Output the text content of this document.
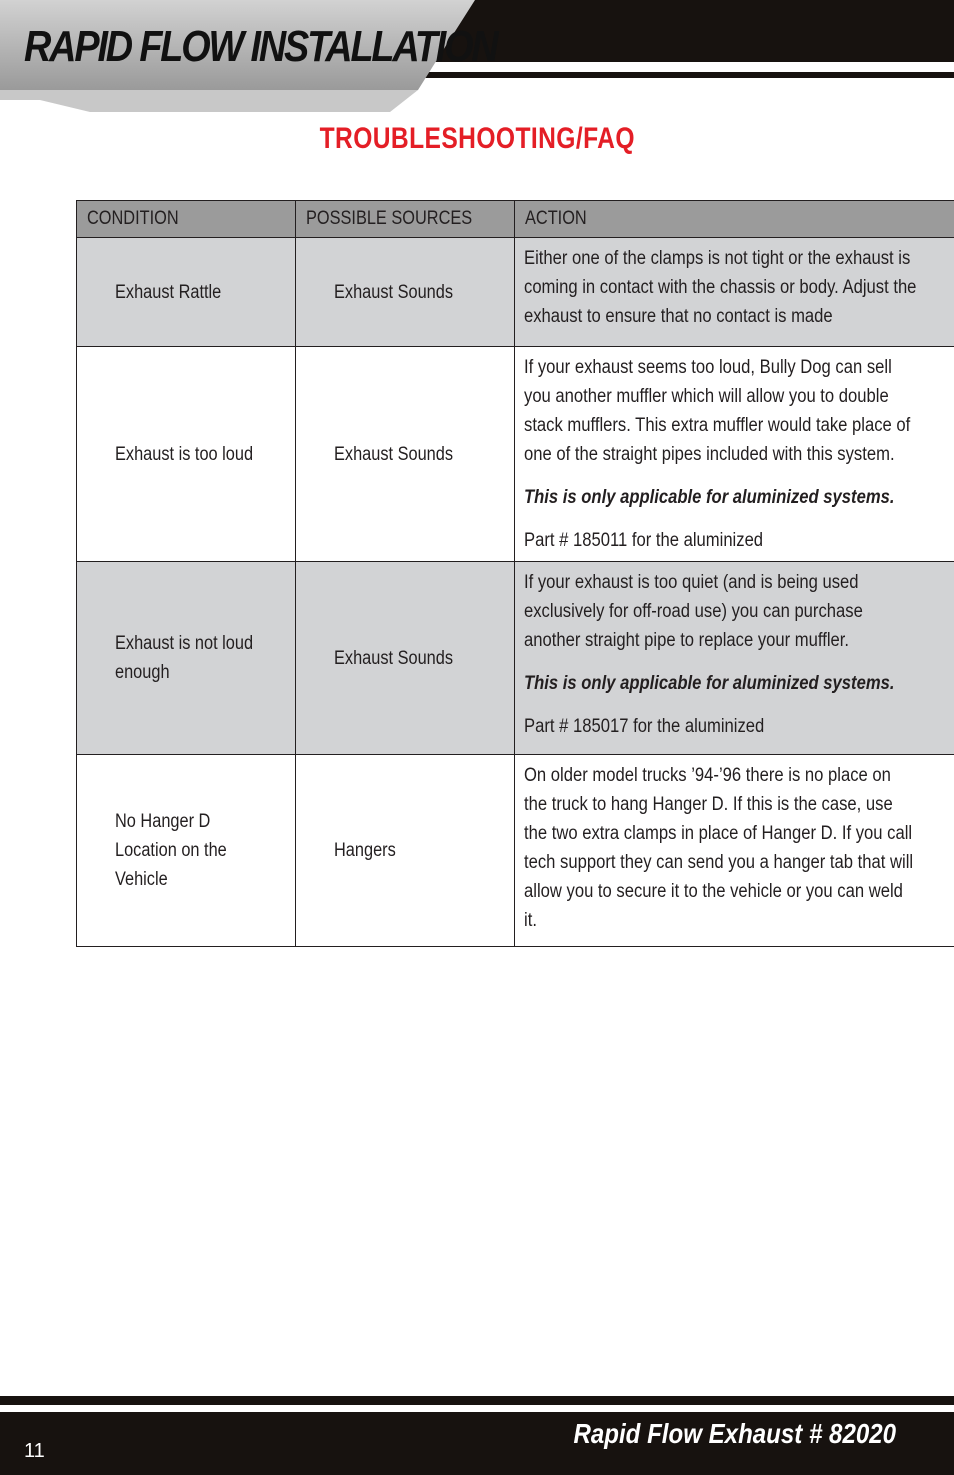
RAPID FLOW INSTALLATION
TROUBLESHOOTING/FAQ
CONDITION	POSSIBLE SOURCES	ACTION

Exhaust Rattle	Exhaust Sounds	Either one of the clamps is not tight or the exhaust is coming in contact with the chassis or body. Adjust the exhaust to ensure that no contact is made

Exhaust is too loud	Exhaust Sounds	If your exhaust seems too loud, Bully Dog can sell you another muffler which will allow you to double stack mufflers. This extra muffler would take place of one of the straight pipes included with this system.

This is only applicable for aluminized systems.

Part # 185011 for the aluminized

Exhaust is not loud enough	Exhaust Sounds	If your exhaust is too quiet (and is being used exclusively for off-road use) you can purchase another straight pipe to replace your muffler.

This is only applicable for aluminized systems.

Part # 185017 for the aluminized

No Hanger D Location on the Vehicle	Hangers	On older model trucks ’94-’96 there is no place on the truck to hang Hanger D. If this is the case, use the two extra clamps in place of Hanger D. If you call tech support they can send you a hanger tab that will allow you to secure it to the vehicle or you can weld it.

11
Rapid Flow Exhaust # 82020
